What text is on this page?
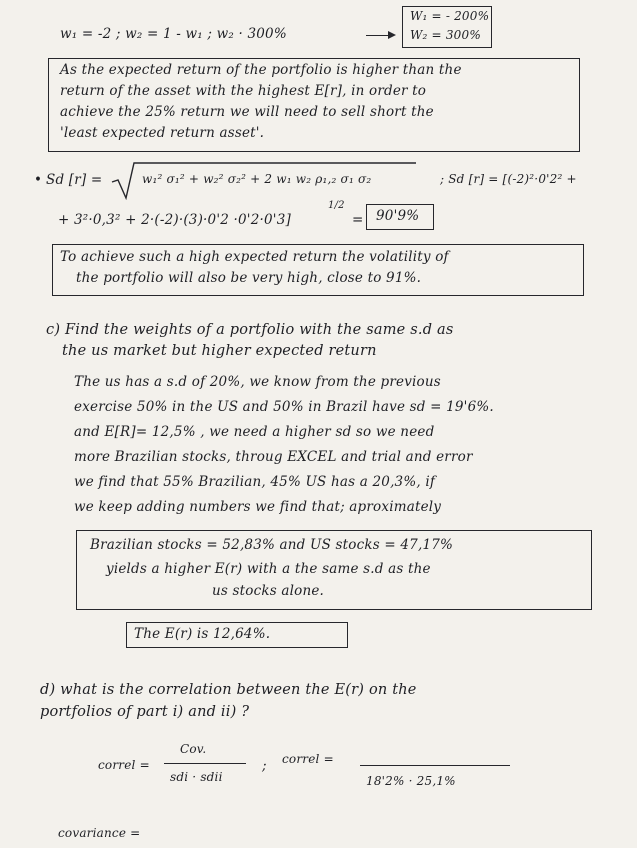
w₁ = -2 ; w₂ = 1 - w₁ ; w₂ · 300%
W₁ = - 200%
W₂ = 300%
As the expected return of the portfolio is higher than the
return of the asset with the highest E[r], in order to
achieve the 25% return we will need to sell short the
'least expected return asset'.
• Sd [r] =	w₁² σ₁² + w₂² σ₂² + 2 w₁ w₂ ρ₁,₂ σ₁ σ₂	; Sd [r] = [(-2)²·0'2² +
+ 3²·0,3² + 2·(-2)·(3)·0'2 ·0'2·0'3]
1/2
= 90'9%
To achieve such a high expected return the volatility of
the portfolio will also be very high, close to 91%.
c) Find the weights of a portfolio with the same s.d as
the us market but higher expected return
The us has a s.d of 20%, we know from the previous
exercise 50% in the US and 50% in Brazil have sd = 19'6%.
and E[R]= 12,5% , we need a higher sd so we need
more Brazilian stocks, throug EXCEL and trial and error
we find that 55% Brazilian, 45% US has a 20,3%, if
we keep adding numbers we find that; aproximately
Brazilian stocks = 52,83% and US stocks = 47,17%
yields a higher E(r) with a the same s.d as the
us stocks alone.
The E(r) is 12,64%.
d) what is the correlation between the E(r) on the
portfolios of part i) and ii) ?
correl =
Cov.
sdi · sdii
; correl =
18'2% · 25,1%
covariance =
